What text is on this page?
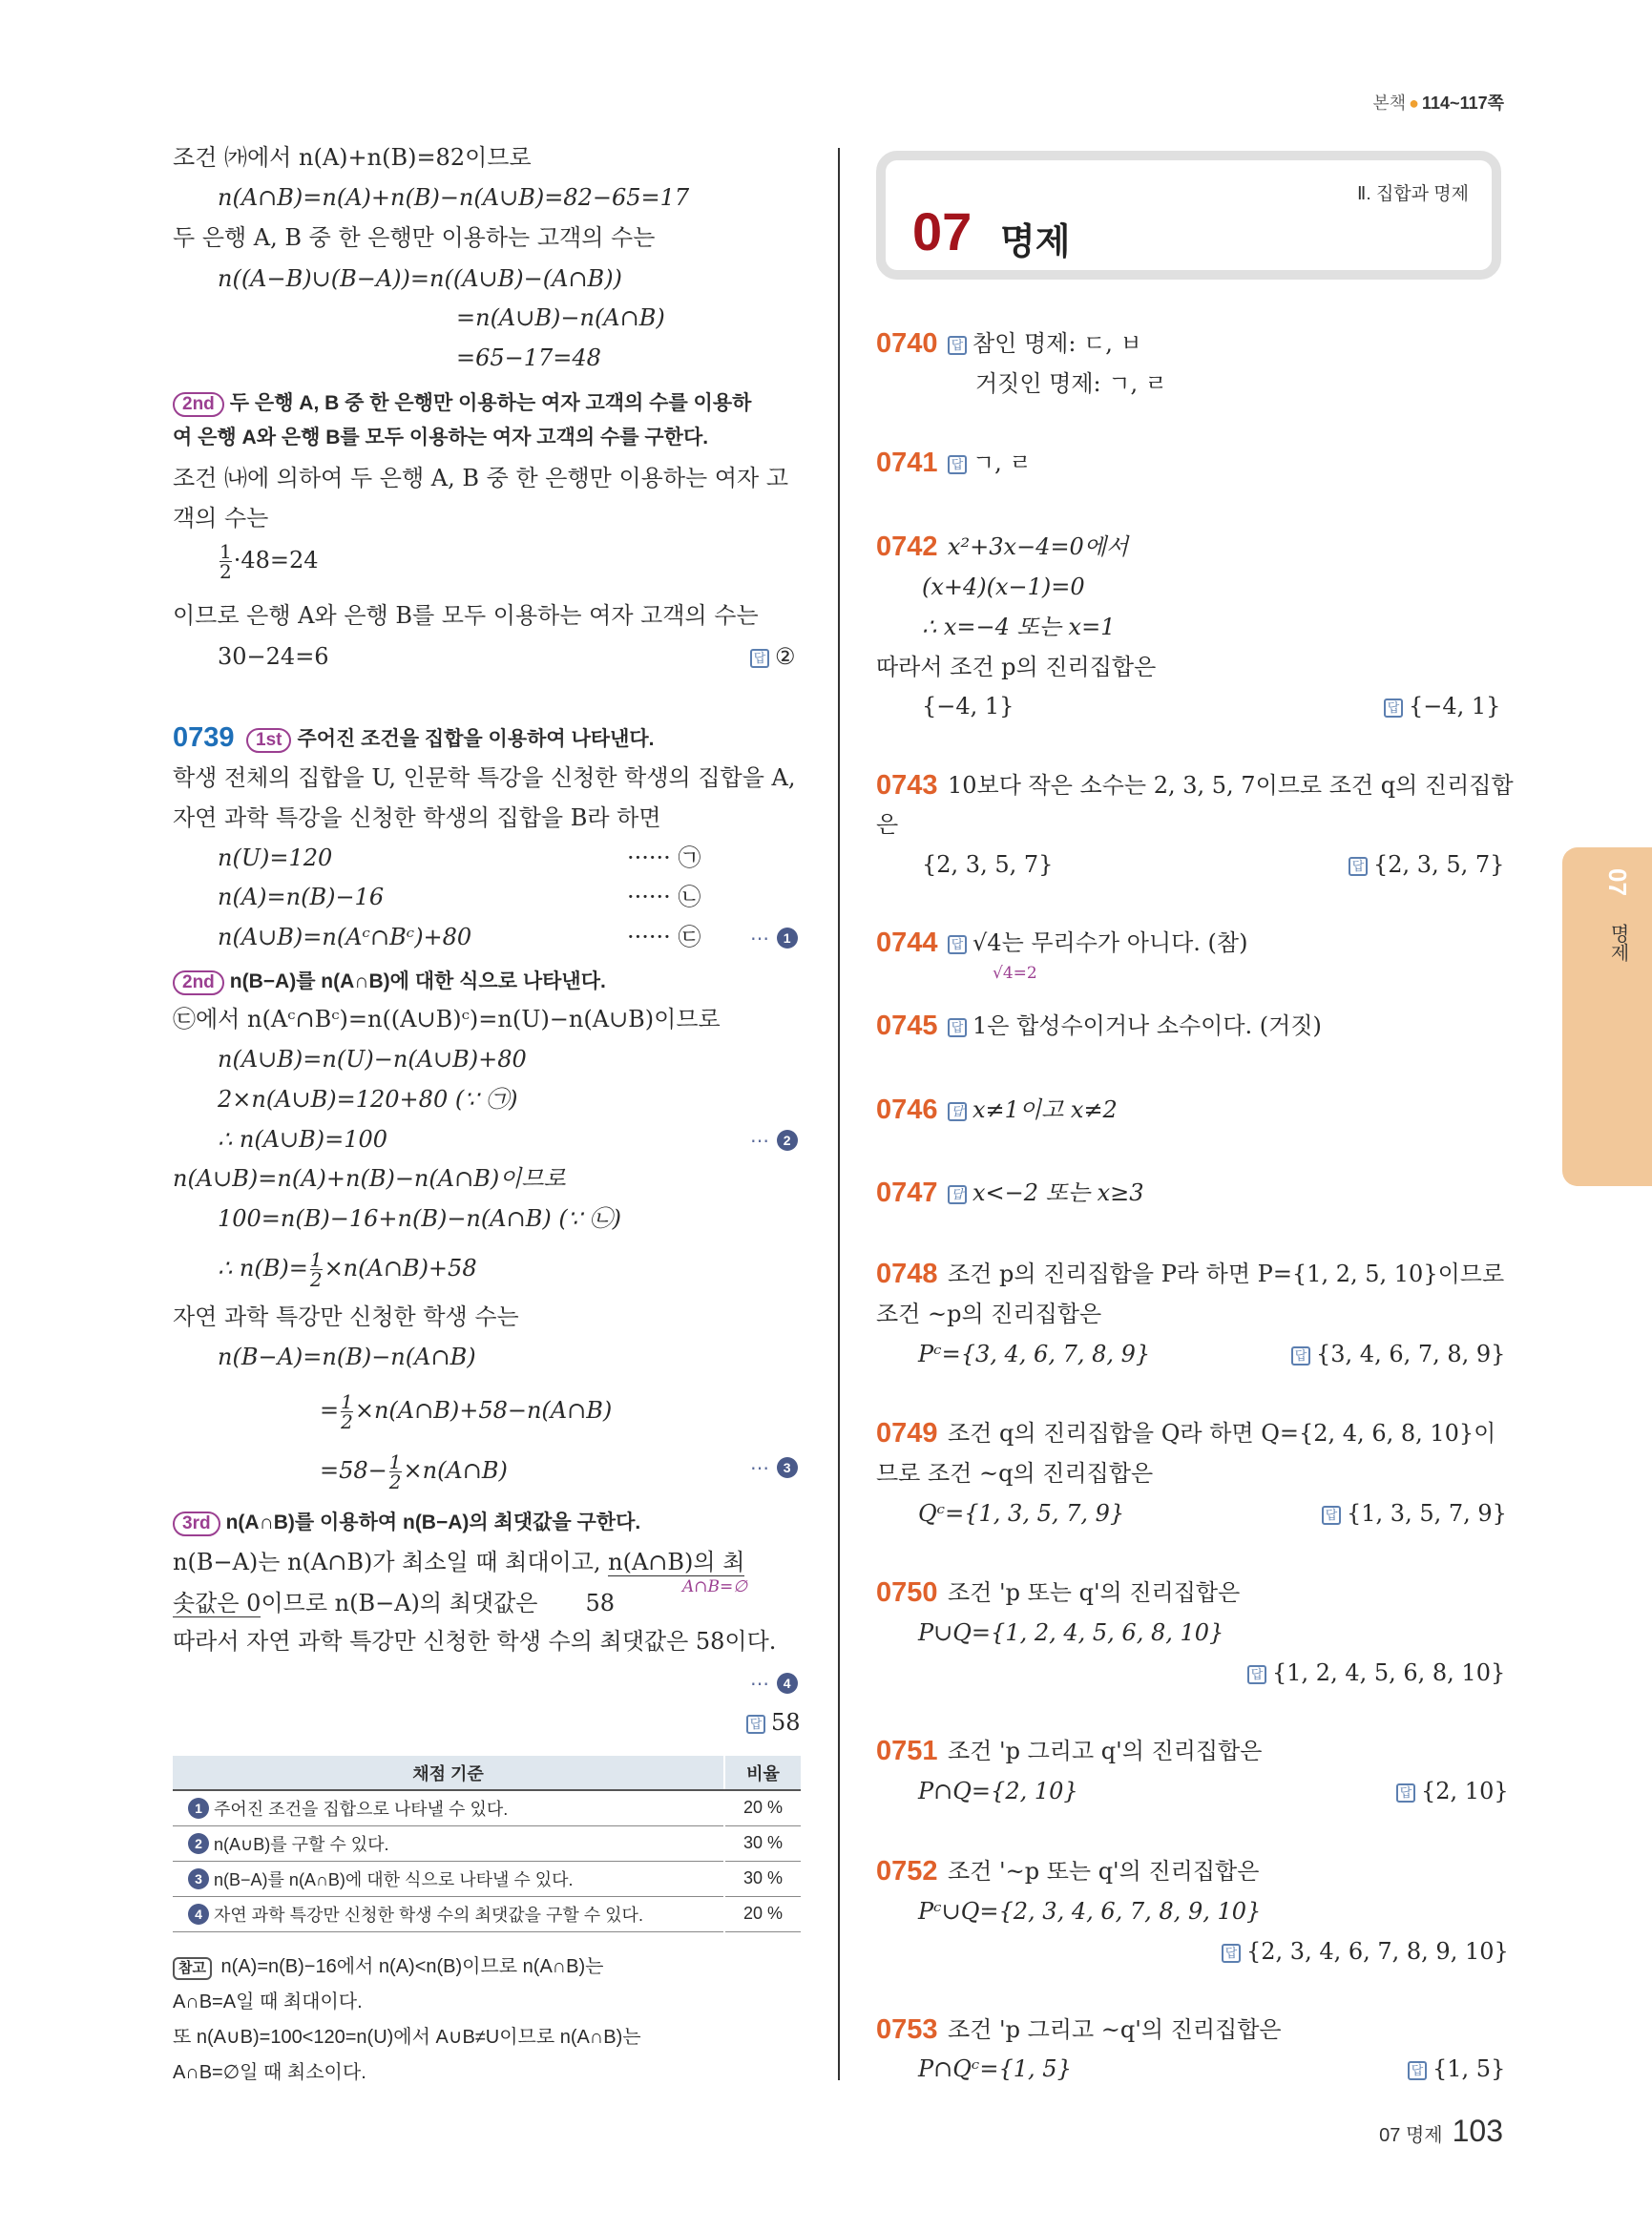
본책 ● 114~117쪽
조건 ㈎에서 n(A)+n(B)=82이므로
n(A∩B)=n(A)+n(B)−n(A∪B)=82−65=17
두 은행 A, B 중 한 은행만 이용하는 고객의 수는
n((A−B)∪(B−A))=n((A∪B)−(A∩B))
=n(A∪B)−n(A∩B)
=65−17=48
2nd 두 은행 A, B 중 한 은행만 이용하는 여자 고객의 수를 이용하
여 은행 A와 은행 B를 모두 이용하는 여자 고객의 수를 구한다.
조건 ㈏에 의하여 두 은행 A, B 중 한 은행만 이용하는 여자 고
객의 수는
$\frac{1}{2} \cdot 48=24$
이므로 은행 A와 은행 B를 모두 이용하는 여자 고객의 수는
30−24=6	답 ②
0739	1st 주어진 조건을 집합을 이용하여 나타낸다.
학생 전체의 집합을 U, 인문학 특강을 신청한 학생의 집합을 A,
자연 과학 특강을 신청한 학생의 집합을 B라 하면
n(U)=120	······ ㉠
n(A)=n(B)−16	······ ㉡
n(A∪B)=n(Aᶜ∩Bᶜ)+80	······ ㉢	⋯ 1
2nd n(B−A)를 n(A∩B)에 대한 식으로 나타낸다.
㉢에서 n(Aᶜ∩Bᶜ)=n((A∪B)ᶜ)=n(U)−n(A∪B)이므로
n(A∪B)=n(U)−n(A∪B)+80
2×n(A∪B)=120+80 (∵ ㉠)
∴ n(A∪B)=100	⋯ 2
n(A∪B)=n(A)+n(B)−n(A∩B)이므로
100=n(B)−16+n(B)−n(A∩B) (∵ ㉡)
∴ $n(B)= \frac{1}{2}$ ×n(A∩B)+58
자연 과학 특강만 신청한 학생 수는
n(B−A)=n(B)−n(A∩B)
= $\frac{1}{2}$ ×n(A∩B)+58−n(A∩B)
$=58- \frac{1}{2}$ ×n(A∩B)	⋯ 3
3rd n(A∩B)를 이용하여 n(B−A)의 최댓값을 구한다.
n(B−A)는 n(A∩B)가 최소일 때 최대이고, n(A∩B)의 최
A∩B=∅
솟값은 0이므로 n(B−A)의 최댓값은 58
따라서 자연 과학 특강만 신청한 학생 수의 최댓값은 58이다.
⋯ 4
답 58
채점 기준	비율
1 주어진 조건을 집합으로 나타낼 수 있다.	20 %
2 n(A∪B)를 구할 수 있다.	30 %
3 n(B−A)를 n(A∩B)에 대한 식으로 나타낼 수 있다.	30 %
4 자연 과학 특강만 신청한 학생 수의 최댓값을 구할 수 있다.	20 %
참고 n(A)=n(B)−16에서 n(A)<n(B)이므로 n(A∩B)는
A∩B=A일 때 최대이다.
또 n(A∪B)=100<120=n(U)에서 A∪B≠U이므로 n(A∩B)는
A∩B=∅일 때 최소이다.
Ⅱ. 집합과 명제
07 명제
0740 답 참인 명제: ㄷ, ㅂ
거짓인 명제: ㄱ, ㄹ
0741 답 ㄱ, ㄹ
0742 x²+3x−4=0에서
(x+4)(x−1)=0
∴ x=−4 또는 x=1
따라서 조건 p의 진리집합은
{−4, 1}	답 {−4, 1}
0743 10보다 작은 소수는 2, 3, 5, 7이므로 조건 q의 진리집합
은
{2, 3, 5, 7}	답 {2, 3, 5, 7}
0744 답 √4는 무리수가 아니다. (참)
√4=2
0745 답 1은 합성수이거나 소수이다. (거짓)
0746 답 x≠1이고 x≠2
0747 답 x<−2 또는 x≥3
0748 조건 p의 진리집합을 P라 하면 P={1, 2, 5, 10}이므로
조건 ~p의 진리집합은
Pᶜ={3, 4, 6, 7, 8, 9}	답 {3, 4, 6, 7, 8, 9}
0749 조건 q의 진리집합을 Q라 하면 Q={2, 4, 6, 8, 10}이
므로 조건 ~q의 진리집합은
Qᶜ={1, 3, 5, 7, 9}	답 {1, 3, 5, 7, 9}
0750 조건 'p 또는 q'의 진리집합은
P∪Q={1, 2, 4, 5, 6, 8, 10}
답 {1, 2, 4, 5, 6, 8, 10}
0751 조건 'p 그리고 q'의 진리집합은
P∩Q={2, 10}	답 {2, 10}
0752 조건 '~p 또는 q'의 진리집합은
Pᶜ∪Q={2, 3, 4, 6, 7, 8, 9, 10}
답 {2, 3, 4, 6, 7, 8, 9, 10}
0753 조건 'p 그리고 ~q'의 진리집합은
P∩Qᶜ={1, 5}	답 {1, 5}
07
명제
07 명제 103
